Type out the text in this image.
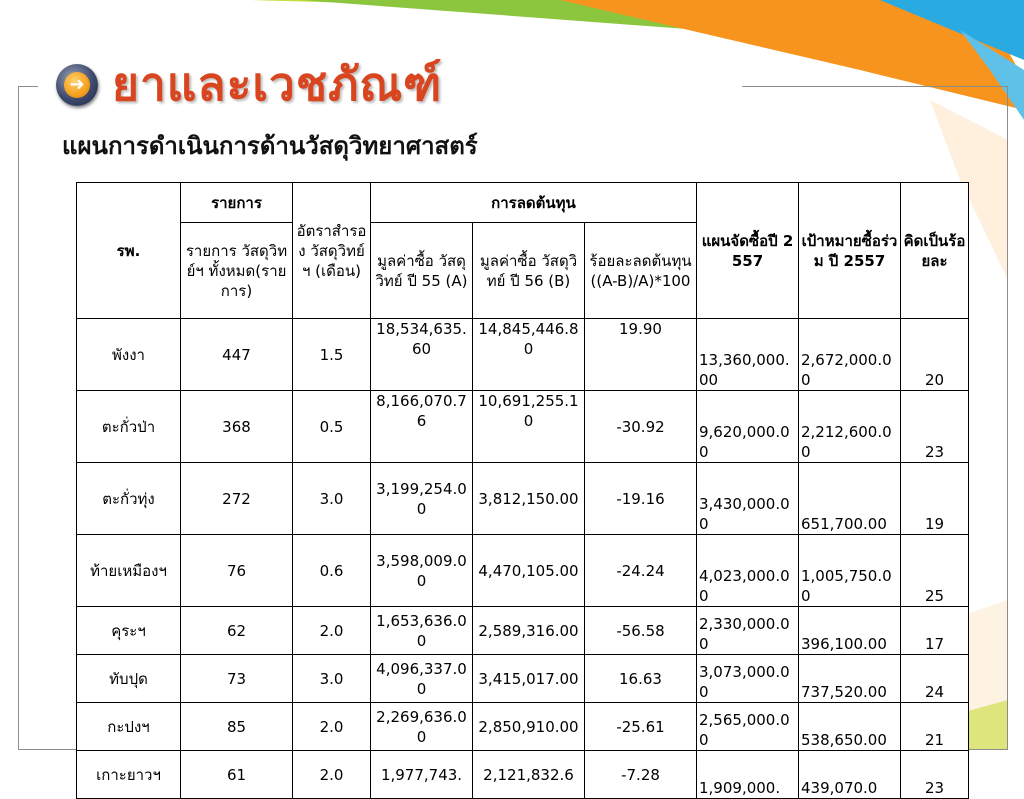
➜ ยาและเวชภัณฑ์
แผนการดำเนินการด้านวัสดุวิทยาศาสตร์
รพ.	รายการ	อัตราสำรอง วัสดุวิทย์ฯ (เดือน)	การลดต้นทุน			แผนจัดซื้อปี 2557	เป้าหมายซื้อร่วม ปี 2557	คิดเป็นร้อยละ
	รายการ วัสดุวิทย์ฯ ทั้งหมด(รายการ)		มูลค่าซื้อ วัสดุวิทย์ ปี 55 (A)	มูลค่าซื้อ วัสดุวิทย์ ปี 56 (B)	ร้อยละลดต้นทุน ((A-B)/A)*100			
พังงา	447	1.5	18,534,635.60	14,845,446.80	19.90	13,360,000.00	2,672,000.00	20
ตะกั่วป่า	368	0.5	8,166,070.76	10,691,255.10	-30.92	9,620,000.00	2,212,600.00	23
ตะกั่วทุ่ง	272	3.0	3,199,254.00	3,812,150.00	-19.16	3,430,000.00	651,700.00	19
ท้ายเหมืองฯ	76	0.6	3,598,009.00	4,470,105.00	-24.24	4,023,000.00	1,005,750.00	25
คุระฯ	62	2.0	1,653,636.00	2,589,316.00	-56.58	2,330,000.00	396,100.00	17
ทับปุด	73	3.0	4,096,337.00	3,415,017.00	16.63	3,073,000.00	737,520.00	24
กะปงฯ	85	2.0	2,269,636.00	2,850,910.00	-25.61	2,565,000.00	538,650.00	21
เกาะยาวฯ	61	2.0	1,977,743.	2,121,832.6	-7.28	1,909,000.	439,070.0	23
